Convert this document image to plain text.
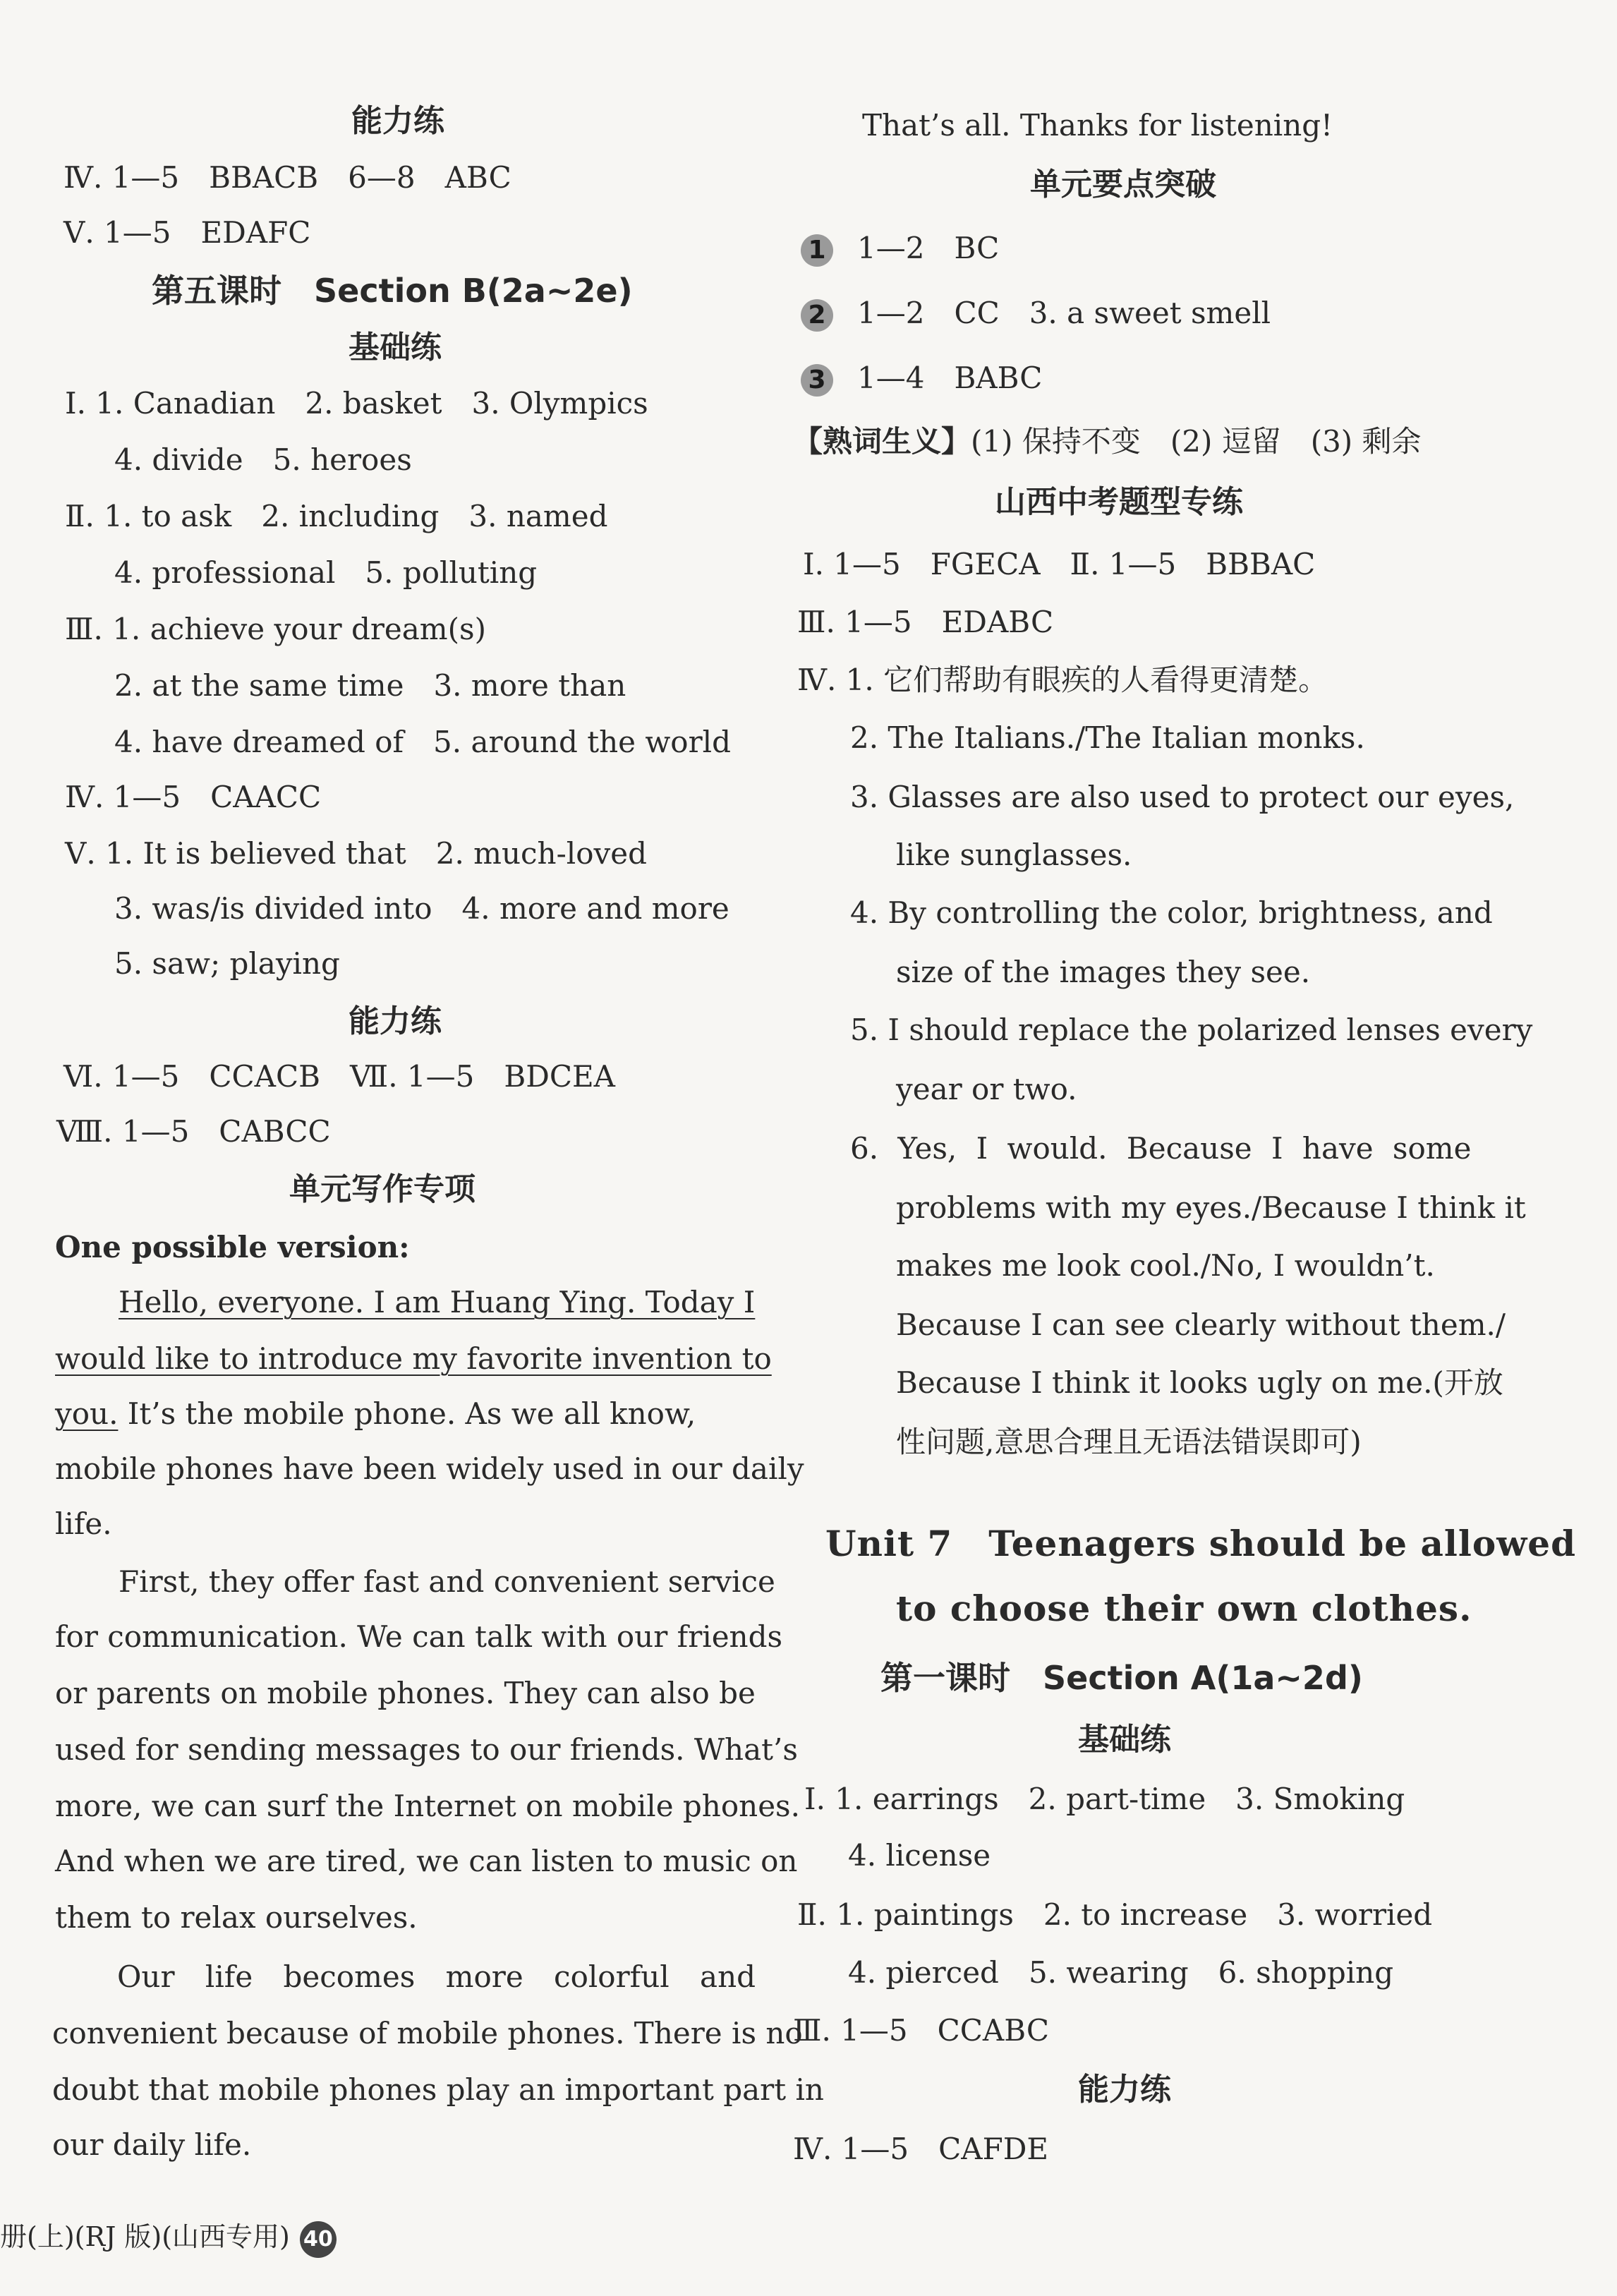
能力练
Ⅳ. 1—5　BBACB　6—8　ABC
Ⅴ. 1—5　EDAFC
第五课时　Section B(2a~2e)
基础练
Ⅰ. 1. Canadian　2. basket　3. Olympics
4. divide　5. heroes
Ⅱ. 1. to ask　2. including　3. named
4. professional　5. polluting
Ⅲ. 1. achieve your dream(s)
2. at the same time　3. more than
4. have dreamed of　5. around the world
Ⅳ. 1—5　CAACC
Ⅴ. 1. It is believed that　2. much-loved
3. was/is divided into　4. more and more
5. saw; playing
能力练
Ⅵ. 1—5　CCACB　Ⅶ. 1—5　BDCEA
Ⅷ. 1—5　CABCC
单元写作专项
One possible version:
Hello, everyone. I am Huang Ying. Today I
would like to introduce my favorite invention to
you. It’s the mobile phone. As we all know,
mobile phones have been widely used in our daily
life.
First, they offer fast and convenient service
for communication. We can talk with our friends
or parents on mobile phones. They can also be
used for sending messages to our friends. What’s
more, we can surf the Internet on mobile phones.
And when we are tired, we can listen to music on
them to relax ourselves.
Our life becomes more colorful and
convenient because of mobile phones. There is no
doubt that mobile phones play an important part in
our daily life.
册(上)(RJ 版)(山西专用) 40
That’s all. Thanks for listening!
单元要点突破
1 1—2　BC
2 1—2　CC　3. a sweet smell
3 1—4　BABC
【熟词生义】(1) 保持不变　(2) 逗留　(3) 剩余
山西中考题型专练
Ⅰ. 1—5　FGECA　Ⅱ. 1—5　BBBAC
Ⅲ. 1—5　EDABC
Ⅳ. 1. 它们帮助有眼疾的人看得更清楚。
2. The Italians./The Italian monks.
3. Glasses are also used to protect our eyes,
like sunglasses.
4. By controlling the color, brightness, and
size of the images they see.
5. I should replace the polarized lenses every
year or two.
6. Yes, I would. Because I have some
problems with my eyes./Because I think it
makes me look cool./No, I wouldn’t.
Because I can see clearly without them./
Because I think it looks ugly on me.(开放
性问题,意思合理且无语法错误即可)
Unit 7　Teenagers should be allowed
to choose their own clothes.
第一课时　Section A(1a~2d)
基础练
Ⅰ. 1. earrings　2. part-time　3. Smoking
4. license
Ⅱ. 1. paintings　2. to increase　3. worried
4. pierced　5. wearing　6. shopping
Ⅲ. 1—5　CCABC
能力练
Ⅳ. 1—5　CAFDE
